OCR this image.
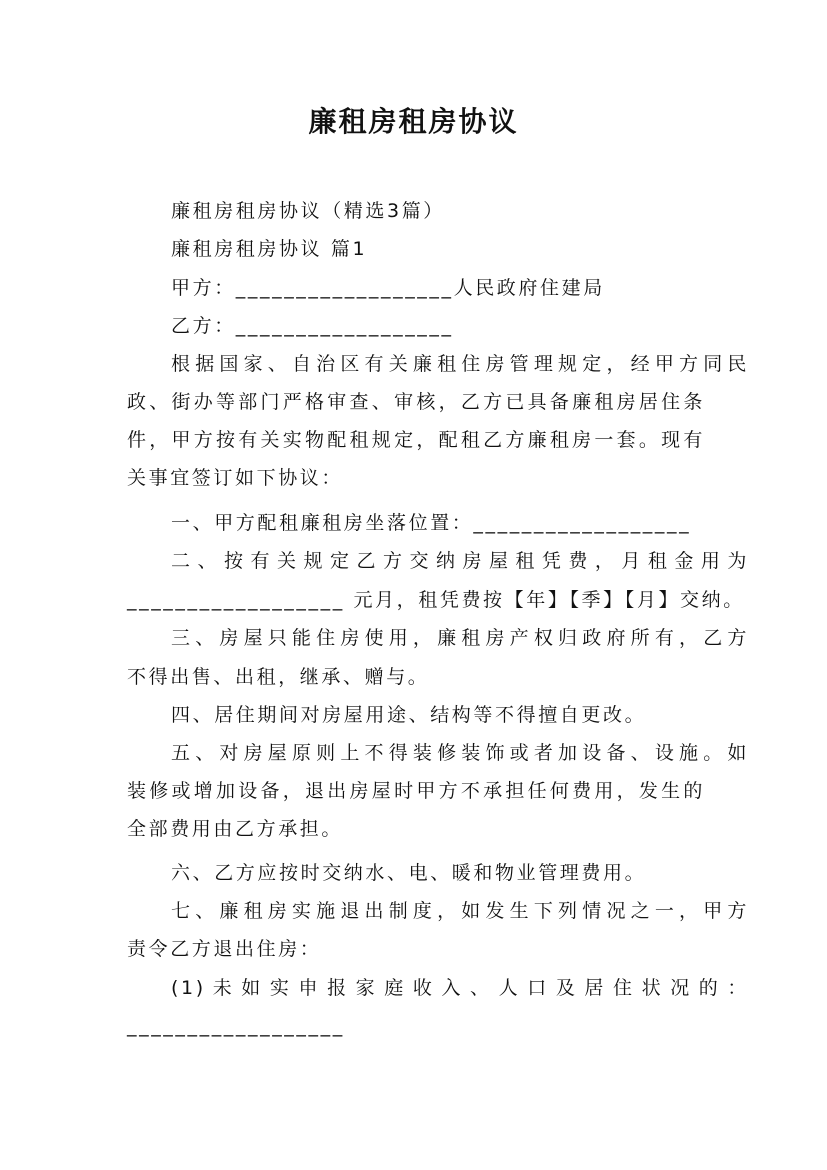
廉租房租房协议
廉租房租房协议（精选3篇）
廉租房租房协议 篇1
甲方：__________________人民政府住建局
乙方：__________________
根据国家、自治区有关廉租住房管理规定，经甲方同民
政、街办等部门严格审查、审核，乙方已具备廉租房居住条
件，甲方按有关实物配租规定，配租乙方廉租房一套。现有
关事宜签订如下协议：
一、甲方配租廉租房坐落位置：__________________
二、按有关规定乙方交纳房屋租凭费，月租金用为
__________________ 元月，租凭费按【年】【季】【月】交纳。
三、房屋只能住房使用，廉租房产权归政府所有，乙方
不得出售、出租，继承、赠与。
四、居住期间对房屋用途、结构等不得擅自更改。
五、对房屋原则上不得装修装饰或者加设备、设施。如
装修或增加设备，退出房屋时甲方不承担任何费用，发生的
全部费用由乙方承担。
六、乙方应按时交纳水、电、暖和物业管理费用。
七、廉租房实施退出制度，如发生下列情况之一，甲方
责令乙方退出住房：
(1)未如实申报家庭收入、人口及居住状况的：
__________________
